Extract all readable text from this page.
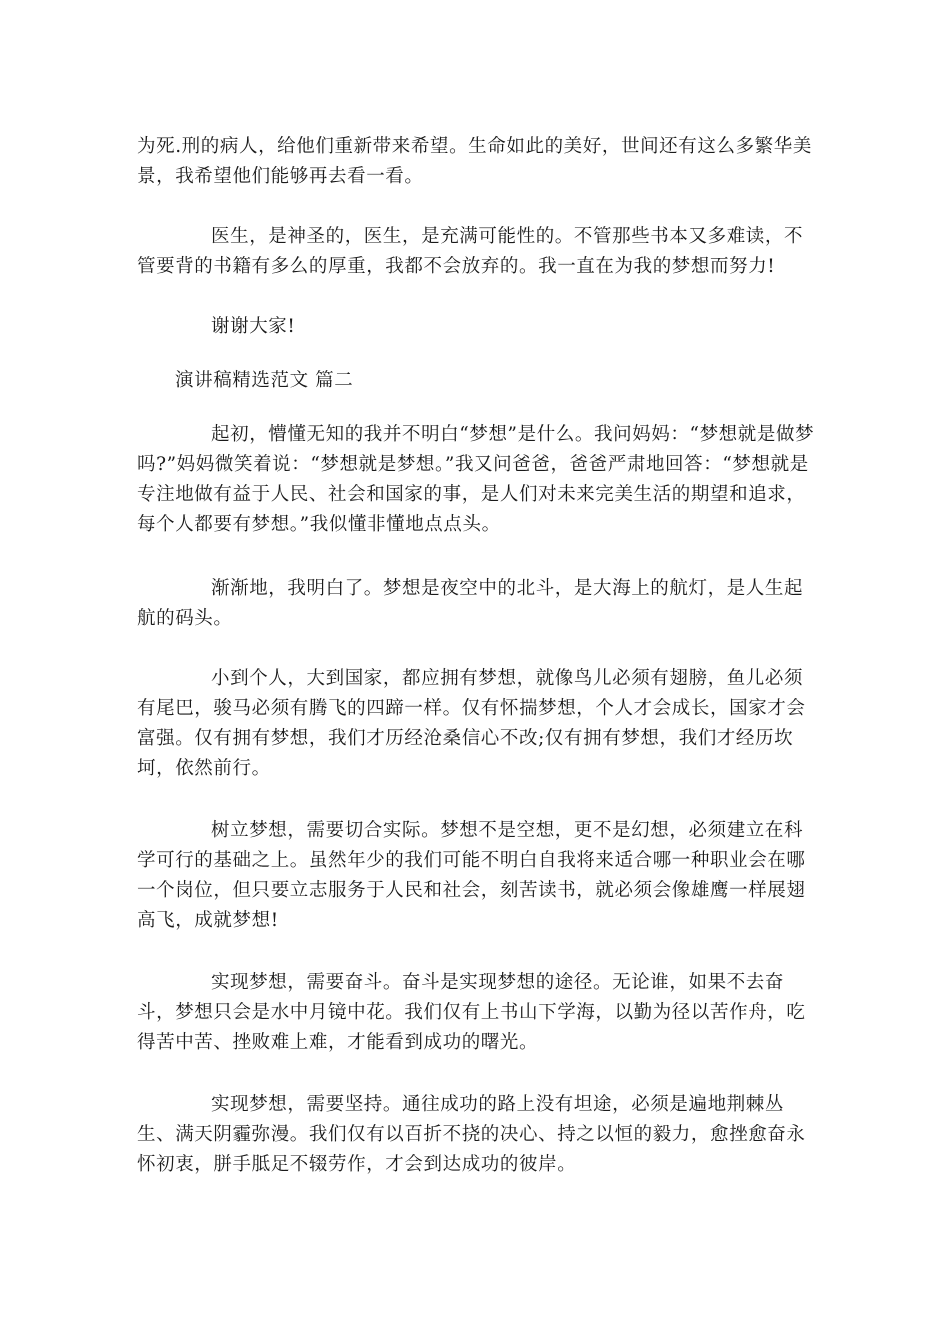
为死.刑的病人，给他们重新带来希望。生命如此的美好，世间还有这么多繁华美景，我希望他们能够再去看一看。

医生，是神圣的，医生，是充满可能性的。不管那些书本又多难读，不管要背的书籍有多么的厚重，我都不会放弃的。我一直在为我的梦想而努力!

谢谢大家!

演讲稿精选范文 篇二

起初，懵懂无知的我并不明白“梦想”是什么。我问妈妈：“梦想就是做梦吗?”妈妈微笑着说：“梦想就是梦想。”我又问爸爸，爸爸严肃地回答：“梦想就是专注地做有益于人民、社会和国家的事，是人们对未来完美生活的期望和追求，每个人都要有梦想。”我似懂非懂地点点头。

渐渐地，我明白了。梦想是夜空中的北斗，是大海上的航灯，是人生起航的码头。

小到个人，大到国家，都应拥有梦想，就像鸟儿必须有翅膀，鱼儿必须有尾巴，骏马必须有腾飞的四蹄一样。仅有怀揣梦想，个人才会成长，国家才会富强。仅有拥有梦想，我们才历经沧桑信心不改;仅有拥有梦想，我们才经历坎坷，依然前行。

树立梦想，需要切合实际。梦想不是空想，更不是幻想，必须建立在科学可行的基础之上。虽然年少的我们可能不明白自我将来适合哪一种职业会在哪一个岗位，但只要立志服务于人民和社会，刻苦读书，就必须会像雄鹰一样展翅高飞，成就梦想!

实现梦想，需要奋斗。奋斗是实现梦想的途径。无论谁，如果不去奋斗，梦想只会是水中月镜中花。我们仅有上书山下学海，以勤为径以苦作舟，吃得苦中苦、挫败难上难，才能看到成功的曙光。

实现梦想，需要坚持。通往成功的路上没有坦途，必须是遍地荆棘丛生、满天阴霾弥漫。我们仅有以百折不挠的决心、持之以恒的毅力，愈挫愈奋永怀初衷，胼手胝足不辍劳作，才会到达成功的彼岸。
